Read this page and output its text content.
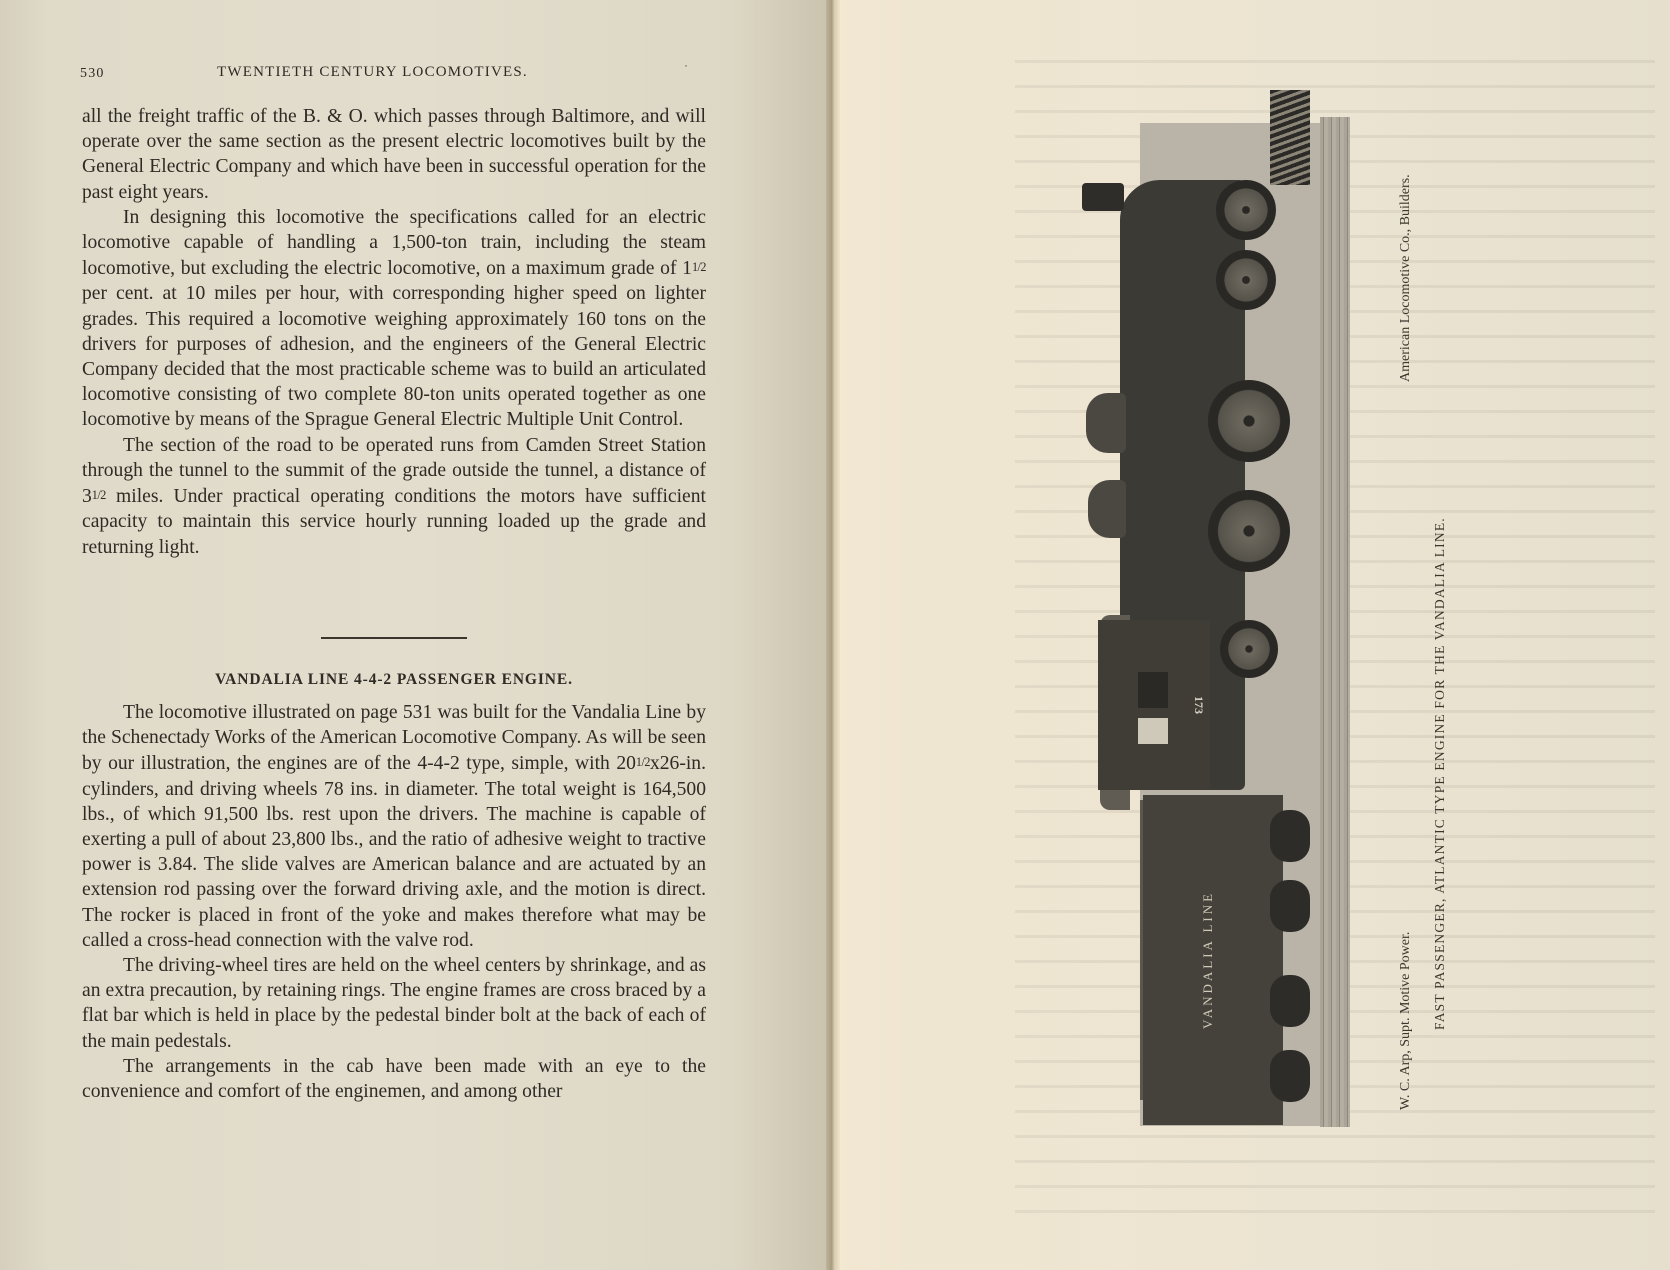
530	TWENTIETH CENTURY LOCOMOTIVES.	˙

all the freight traffic of the B. & O. which passes through Baltimore, and will operate over the same section as the present electric locomotives built by the General Electric Company and which have been in successful operation for the past eight years.

In designing this locomotive the specifications called for an electric locomotive capable of handling a 1,500-ton train, including the steam locomotive, but excluding the electric locomotive, on a maximum grade of 11/2 per cent. at 10 miles per hour, with corresponding higher speed on lighter grades. This required a locomotive weighing approximately 160 tons on the drivers for purposes of adhesion, and the engineers of the General Electric Company decided that the most practicable scheme was to build an articulated locomotive consisting of two complete 80-ton units operated together as one locomotive by means of the Sprague General Electric Multiple Unit Control.

The section of the road to be operated runs from Camden Street Station through the tunnel to the summit of the grade outside the tunnel, a distance of 31/2 miles. Under practical operating conditions the motors have sufficient capacity to maintain this service hourly running loaded up the grade and returning light.

VANDALIA LINE 4-4-2 PASSENGER ENGINE.

The locomotive illustrated on page 531 was built for the Vandalia Line by the Schenectady Works of the American Locomotive Company. As will be seen by our illustration, the engines are of the 4-4-2 type, simple, with 201/2x26-in. cylinders, and driving wheels 78 ins. in diameter. The total weight is 164,500 lbs., of which 91,500 lbs. rest upon the drivers. The machine is capable of exerting a pull of about 23,800 lbs., and the ratio of adhesive weight to tractive power is 3.84. The slide valves are American balance and are actuated by an extension rod passing over the forward driving axle, and the motion is direct. The rocker is placed in front of the yoke and makes therefore what may be called a cross-head connection with the valve rod.

The driving-wheel tires are held on the wheel centers by shrinkage, and as an extra precaution, by retaining rings. The engine frames are cross braced by a flat bar which is held in place by the pedestal binder bolt at the back of each of the main pedestals.

The arrangements in the cab have been made with an eye to the convenience and comfort of the enginemen, and among other

173
VANDALIA LINE
American Locomotive Co., Builders.
FAST PASSENGER, ATLANTIC TYPE ENGINE FOR THE VANDALIA LINE.
W. C. Arp, Supt. Motive Power.
